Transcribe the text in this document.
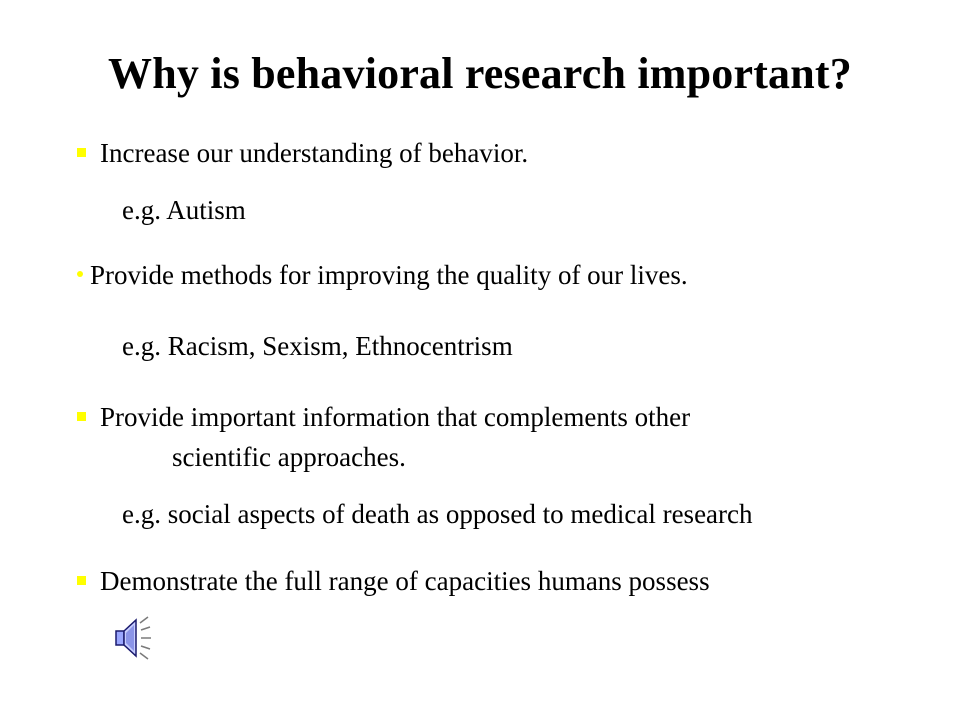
Why is behavioral research important?
Increase our understanding of behavior.
e.g. Autism
Provide methods for improving the quality of our lives.
e.g. Racism, Sexism, Ethnocentrism
Provide important information that complements other
scientific approaches.
e.g. social aspects of death as opposed to medical research
Demonstrate the full range of capacities humans possess
